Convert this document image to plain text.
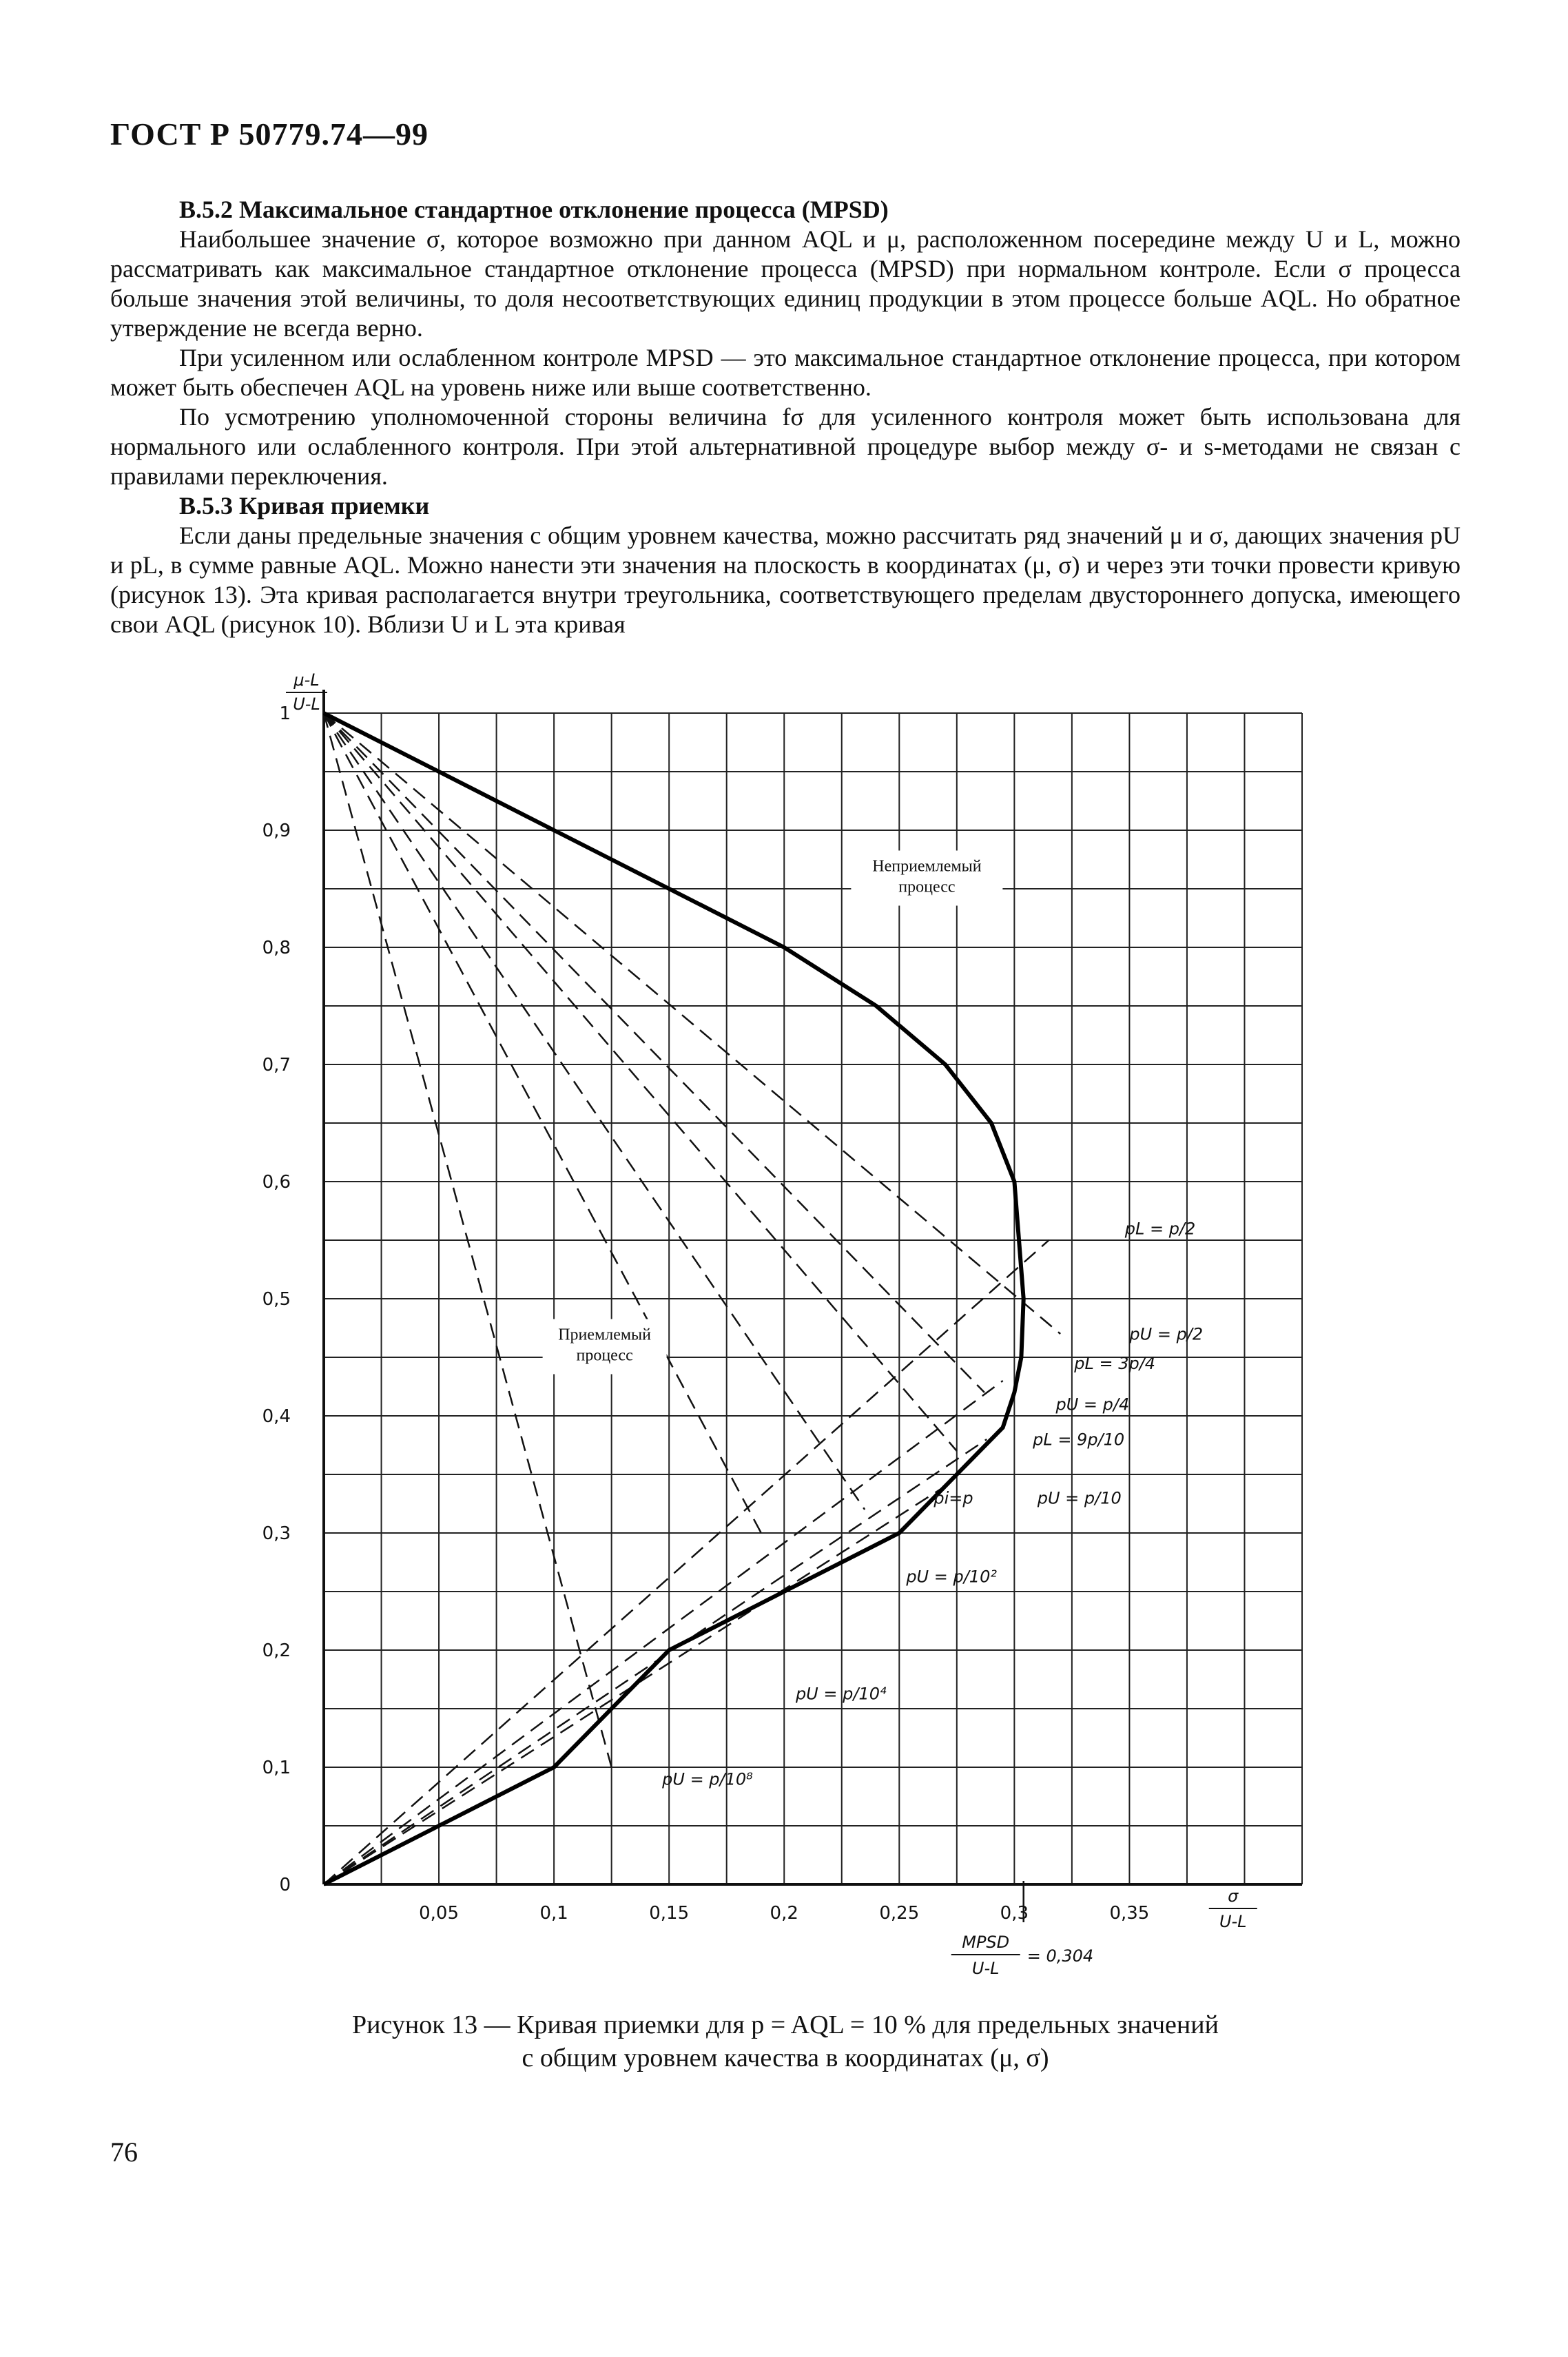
ГОСТ Р 50779.74—99
В.5.2 Максимальное стандартное отклонение процесса (MPSD)

Наибольшее значение σ, которое возможно при данном AQL и μ, расположенном посередине между U и L, можно рассматривать как максимальное стандартное отклонение процесса (MPSD) при нормальном контроле. Если σ процесса больше значения этой величины, то доля несоответствующих единиц продукции в этом процессе больше AQL. Но обратное утверждение не всегда верно.

При усиленном или ослабленном контроле MPSD — это максимальное стандартное отклонение процесса, при котором может быть обеспечен AQL на уровень ниже или выше соответственно.

По усмотрению уполномоченной стороны величина fσ для усиленного контроля может быть использована для нормального или ослабленного контроля. При этой альтернативной процедуре выбор между σ- и s-методами не связан с правилами переключения.

В.5.3 Кривая приемки

Если даны предельные значения с общим уровнем качества, можно рассчитать ряд значений μ и σ, дающих значения pU и pL, в сумме равные AQL. Можно нанести эти значения на плоскость в координатах (μ, σ) и через эти точки провести кривую (рисунок 13). Эта кривая располагается внутри треугольника, соответствующего пределам двустороннего допуска, имеющего свои AQL (рисунок 10). Вблизи U и L эта кривая

0
0,1
0,2
0,3
0,4
0,5
0,6
0,7
0,8
0,9
1
0,05	0,1	0,15	0,2	0,25	0,3	0,35
μ-L
U-L
σ
U-L
Неприемлемый
процесс
Приемлемый
процесс
pL = p/2
pU = p/2
pL = 3p/4
pU = p/4
pL = 9p/10
pi=p	pU = p/10
pU = p/10²
pU = p/10⁴
pU = p/10⁸
MPSD
U-L
= 0,304
Рисунок 13 — Кривая приемки для p = AQL = 10 % для предельных значений
с общим уровнем качества в координатах (μ, σ)
76
